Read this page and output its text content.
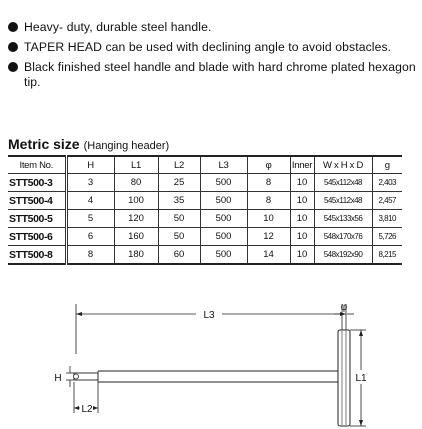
Heavy- duty, durable steel handle.
TAPER HEAD can be used with declining angle to avoid obstacles.
Black finished steel handle and blade with hard chrome plated hexagon tip.
Metric size (Hanging header)
Item No.	H	L1	L2	L3	φ	Inner	W x H x D	g
STT500-3	3	80	25	500	8	10	545x112x48	2,403
STT500-4	4	100	35	500	8	10	545x112x48	2,457
STT500-5	5	120	50	500	10	10	545x133x56	3,810
STT500-6	6	160	50	500	12	10	548x170x76	5,726
STT500-8	8	180	60	500	14	10	548x192x90	8,215
L3
φ
H
L2
L1
